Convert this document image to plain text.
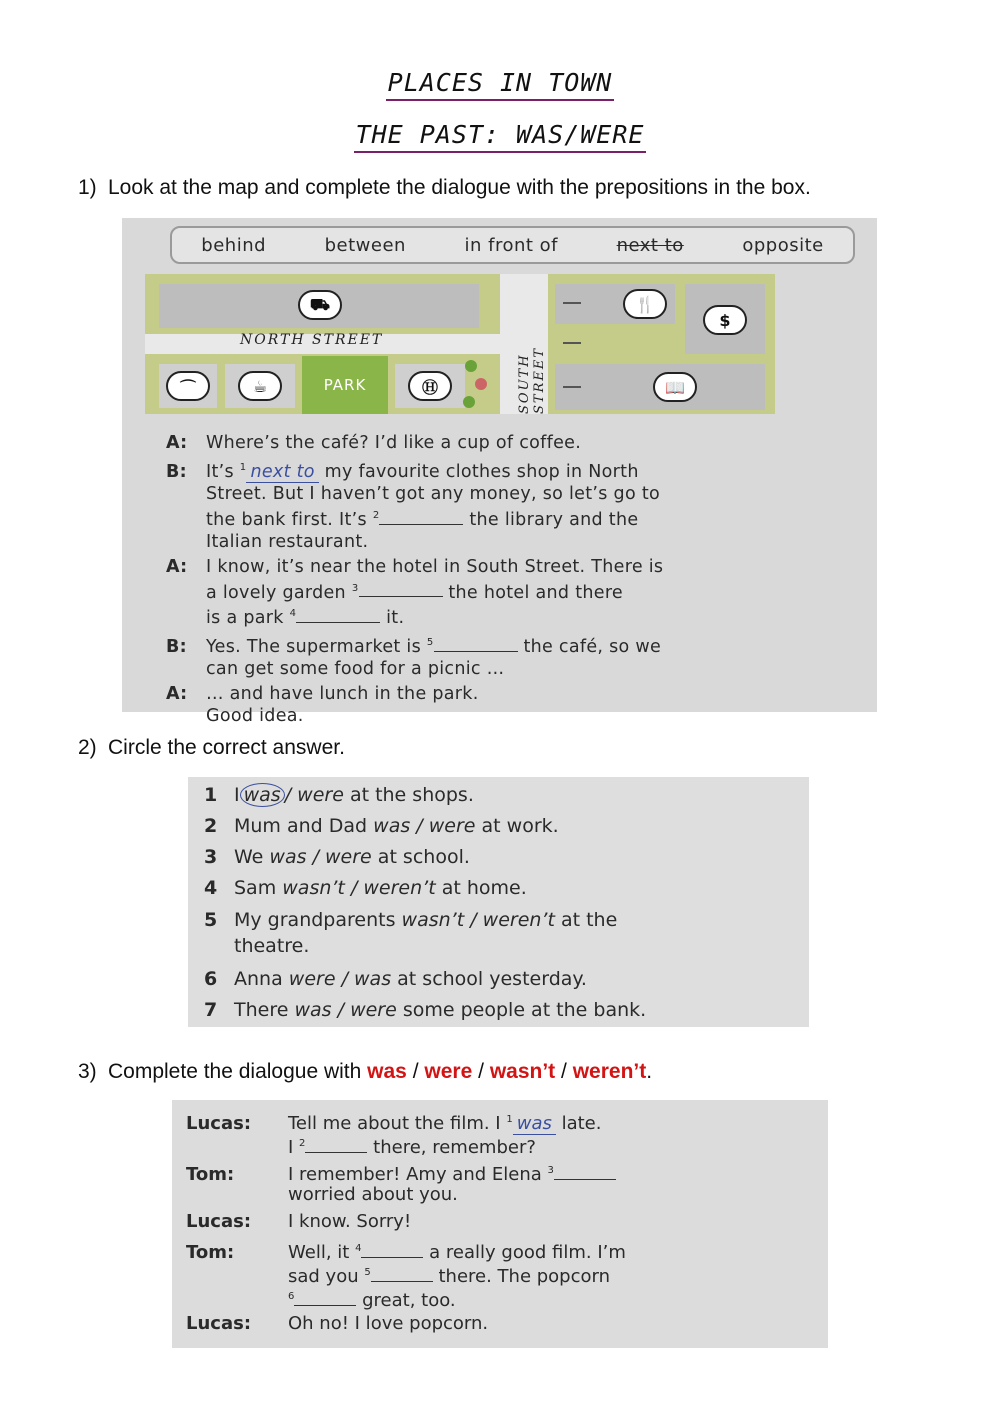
PLACES IN TOWN
THE PAST: WAS/WERE
1) Look at the map and complete the dialogue with the prepositions in the box.
behind	between	in front of	next to	opposite
⛟
NORTH STREET
⌒	☕	PARK	Ⓗ	SOUTH STREET
🍴
$
📖
A: Where’s the café? I’d like a cup of coffee.
B: It’s $^1$ next to my favourite clothes shop in North
Street. But I haven’t got any money, so let’s go to
the bank first. It’s $^2$	the library and the
Italian restaurant.
A: I know, it’s near the hotel in South Street. There is
a lovely garden $^3$	the hotel and there
is a park $^4$	it.
B: Yes. The supermarket is $^5$	the café, so we
can get some food for a picnic …
A: … and have lunch in the park.
Good idea.
2) Circle the correct answer.
1 I was / were at the shops.
2 Mum and Dad was / were at work.
3 We was / were at school.
4 Sam wasn’t / weren’t at home.
5 My grandparents wasn’t / weren’t at the
theatre.
6 Anna were / was at school yesterday.
7 There was / were some people at the bank.
3) Complete the dialogue with was / were / wasn’t / weren’t.
Lucas: Tell me about the film. I $^1$ was late.
I $^2$	there, remember?
Tom:	I remember! Amy and Elena $^3$
worried about you.
Lucas: I know. Sorry!
Tom:	Well, it $^4$	a really good film. I’m
sad you $^5$	there. The popcorn
$^6$	great, too.
Lucas: Oh no! I love popcorn.
